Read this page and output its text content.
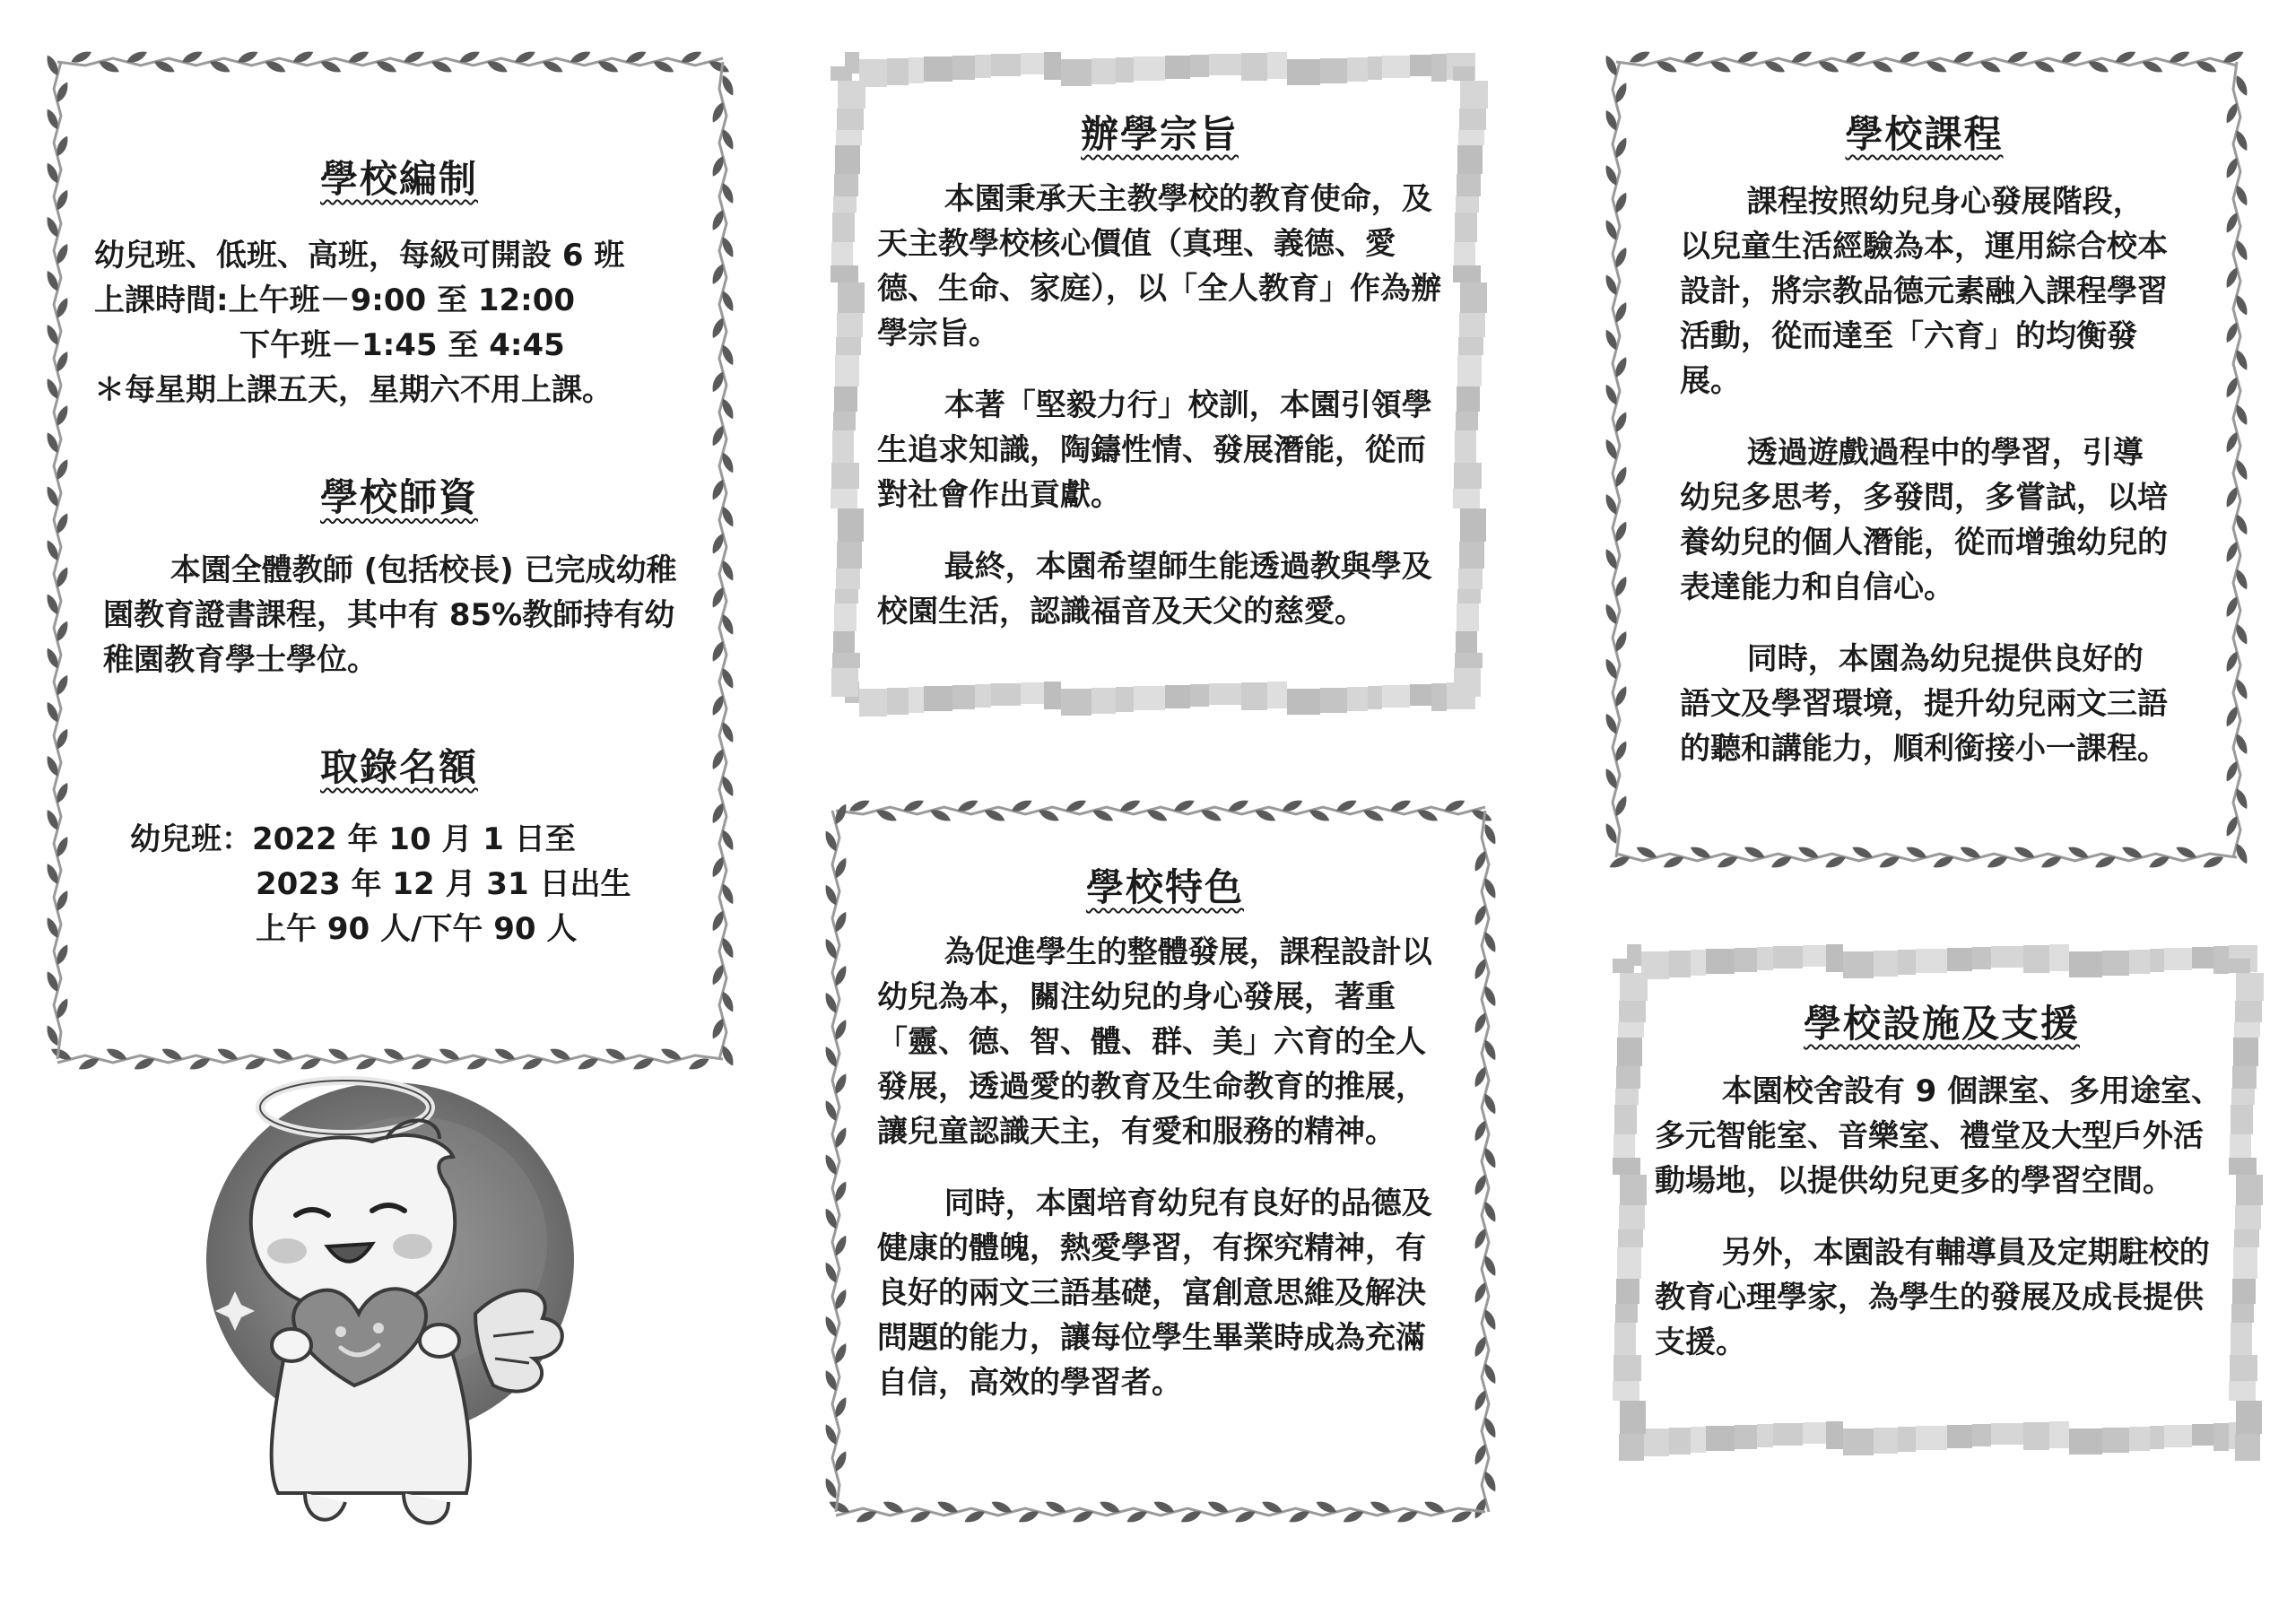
學校編制

幼兒班、低班、高班，每級可開設 6 班

上課時間:上午班－9:00 至 12:00

下午班－1:45 至 4:45

＊每星期上課五天，星期六不用上課。

學校師資

本園全體教師 (包括校長) 已完成幼稚園教育證書課程，其中有 85%教師持有幼稚園教育學士學位。

取錄名額

幼兒班： 2022 年 10 月 1 日至

2023 年 12 月 31 日出生

上午 90 人/下午 90 人

辦學宗旨

本園秉承天主教學校的教育使命，及天主教學校核心價值（真理、義德、愛德、生命、家庭），以「全人教育」作為辦學宗旨。

本著「堅毅力行」校訓，本園引領學生追求知識，陶鑄性情、發展潛能，從而對社會作出貢獻。

最終，本園希望師生能透過教與學及校園生活，認識福音及天父的慈愛。

學校特色

為促進學生的整體發展，課程設計以幼兒為本，關注幼兒的身心發展，著重「靈、德、智、體、群、美」六育的全人發展，透過愛的教育及生命教育的推展，讓兒童認識天主，有愛和服務的精神。

同時，本園培育幼兒有良好的品德及健康的體魄，熱愛學習，有探究精神，有良好的兩文三語基礎，富創意思維及解決問題的能力，讓每位學生畢業時成為充滿自信，高效的學習者。

學校課程

課程按照幼兒身心發展階段，以兒童生活經驗為本，運用綜合校本設計，將宗教品德元素融入課程學習活動，從而達至「六育」的均衡發展。

透過遊戲過程中的學習，引導幼兒多思考，多發問，多嘗試，以培養幼兒的個人潛能，從而增強幼兒的表達能力和自信心。

同時，本園為幼兒提供良好的語文及學習環境，提升幼兒兩文三語的聽和講能力，順利銜接小一課程。

學校設施及支援

本園校舍設有 9 個課室、多用途室、多元智能室、音樂室、禮堂及大型戶外活動場地，以提供幼兒更多的學習空間。

另外，本園設有輔導員及定期駐校的教育心理學家，為學生的發展及成長提供支援。
